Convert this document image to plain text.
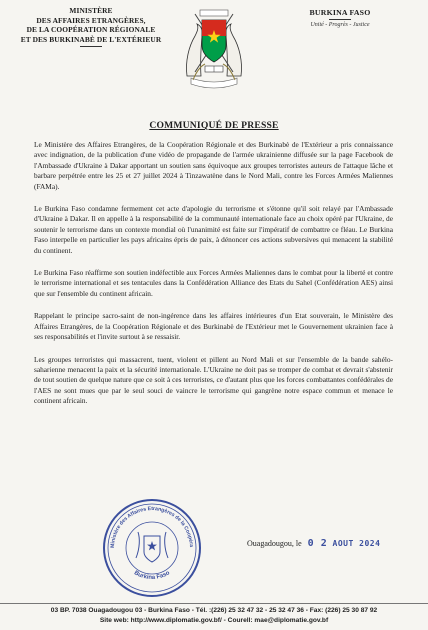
MINISTÈRE
DES AFFAIRES ETRANGÈRES,
DE LA COOPÉRATION RÉGIONALE
ET DES BURKINABÈ DE L'EXTÉRIEUR
BURKINA FASO
Unité - Progrès - Justice
COMMUNIQUÉ DE PRESSE

Le Ministère des Affaires Etrangères, de la Coopération Régionale et des Burkinabè de l'Extérieur a pris connaissance avec indignation, de la publication d'une vidéo de propagande de l'armée ukrainienne diffusée sur la page Facebook de l'Ambassade d'Ukraine à Dakar apportant un soutien sans équivoque aux groupes terroristes auteurs de l'attaque lâche et barbare perpétrée entre les 25 et 27 juillet 2024 à Tinzawatène dans le Nord Mali, contre les Forces Armées Maliennes (FAMa).

Le Burkina Faso condamne fermement cet acte d'apologie du terrorisme et s'étonne qu'il soit relayé par l'Ambassade d'Ukraine à Dakar. Il en appelle à la responsabilité de la communauté internationale face au choix opéré par l'Ukraine, de soutenir le terrorisme dans un contexte mondial où l'unanimité est faite sur l'impératif de combattre ce fléau. Le Burkina Faso interpelle en particulier les pays africains épris de paix, à dénoncer ces actions subversives qui menacent la stabilité du continent.

Le Burkina Faso réaffirme son soutien indéfectible aux Forces Armées Maliennes dans le combat pour la liberté et contre le terrorisme international et ses tentacules dans la Confédération Alliance des Etats du Sahel (Confédération AES) ainsi que sur l'ensemble du continent africain.

Rappelant le principe sacro-saint de non-ingérence dans les affaires intérieures d'un Etat souverain, le Ministère des Affaires Etrangères, de la Coopération Régionale et des Burkinabè de l'Extérieur met le Gouvernement ukrainien face à ses responsabilités et l'invite surtout à se ressaisir.

Les groupes terroristes qui massacrent, tuent, violent et pillent au Nord Mali et sur l'ensemble de la bande sahélo-saharienne menacent la paix et la sécurité internationale. L'Ukraine ne doit pas se tromper de combat et devrait s'abstenir de tout soutien de quelque nature que ce soit à ces terroristes, ce d'autant plus que les forces combattantes confédérales de l'AES ne sont mues que par le seul souci de vaincre le terrorisme qui gangrène notre espace commun et menace le continent africain.

Ministère des Affaires Etrangères de la Coopéra
Burkina Faso
Ouagadougou, le 0 2 AOUT 2024
03 BP. 7038 Ouagadougou 03 - Burkina Faso - Tél. :(226) 25 32 47 32 - 25 32 47 36 - Fax: (226) 25 30 87 92
Site web: http://www.diplomatie.gov.bf/ - Courell: mae@diplomatie.gov.bf
